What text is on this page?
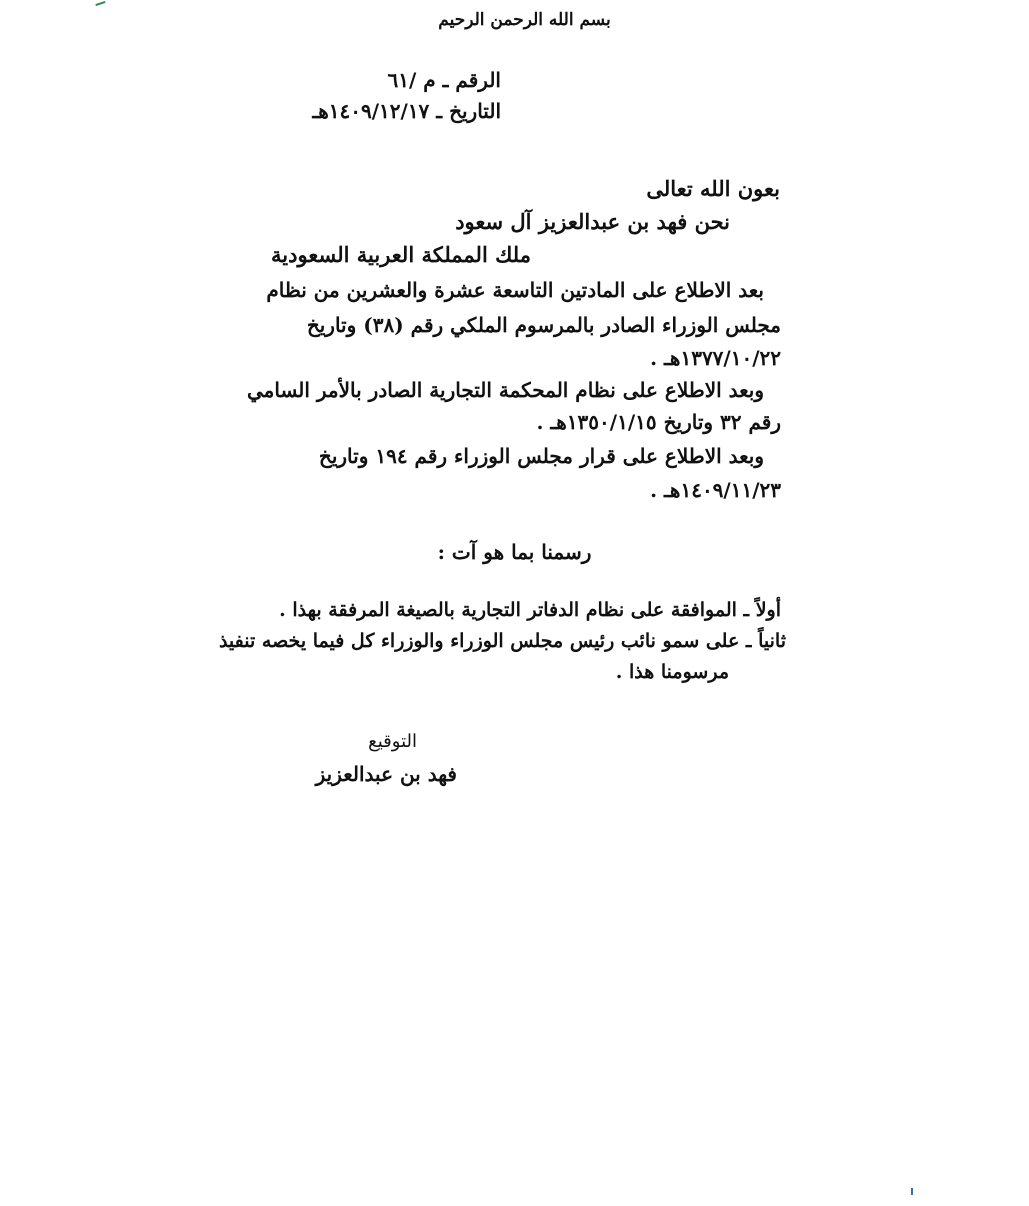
بسم الله الرحمن الرحيم
الرقم ـ م /٦١
التاريخ ـ ١٤٠٩/١٢/١٧هـ
بعون الله تعالى
نحن فهد بن عبدالعزيز آل سعود
ملك المملكة العربية السعودية
بعد الاطلاع على المادتين التاسعة عشرة والعشرين من نظام
مجلس الوزراء الصادر بالمرسوم الملكي رقم (٣٨) وتاريخ
١٣٧٧/١٠/٢٢هـ .
وبعد الاطلاع على نظام المحكمة التجارية الصادر بالأمر السامي
رقم ٣٢ وتاريخ ١٣٥٠/١/١٥هـ .
وبعد الاطلاع على قرار مجلس الوزراء رقم ١٩٤ وتاريخ
١٤٠٩/١١/٢٣هـ .
رسمنا بما هو آت :
أولاً ـ الموافقة على نظام الدفاتر التجارية بالصيغة المرفقة بهذا .
ثانياً ـ على سمو نائب رئيس مجلس الوزراء والوزراء كل فيما يخصه تنفيذ
مرسومنا هذا .
التوقيع
فهد بن عبدالعزيز
